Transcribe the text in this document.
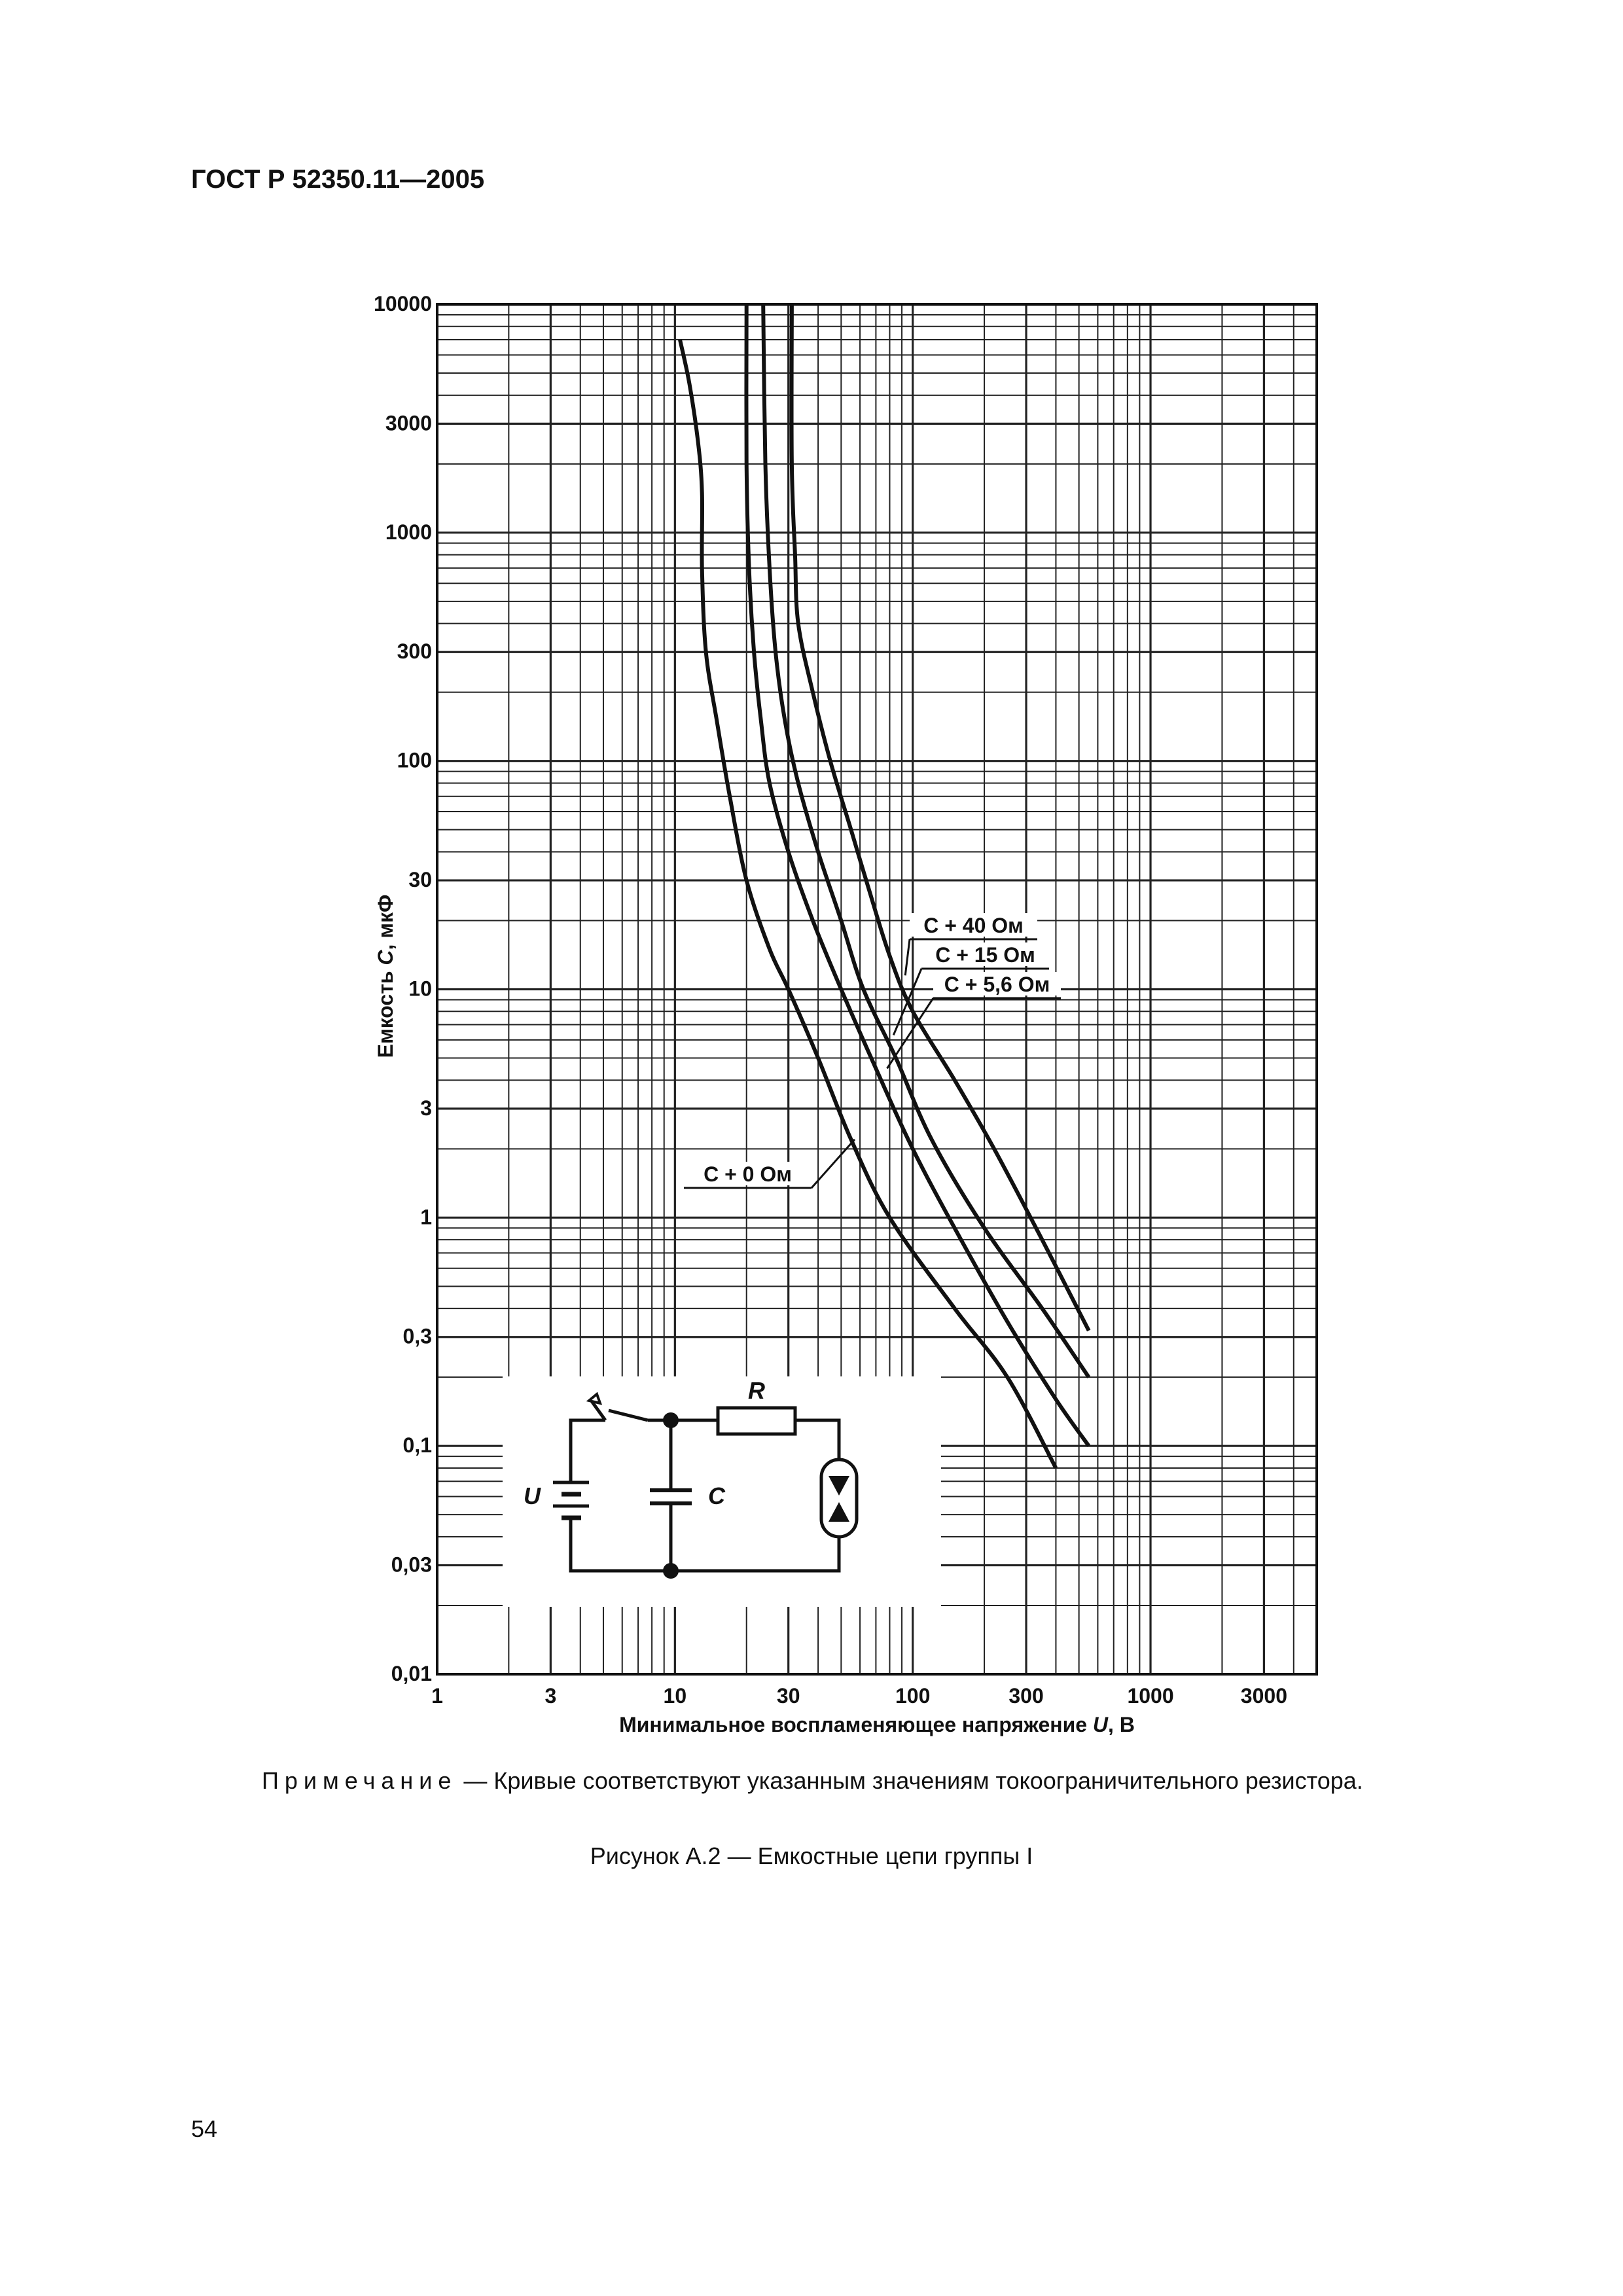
ГОСТ Р 52350.11—2005
R
C
U
C + 40 Ом
C + 15 Ом
C + 5,6 Ом
C + 0 Ом
10000
3000
1000
300
100
30
10
3
1
0,3
0,1
0,03
0,01
1	3	10	30	100	300	1000	3000
Минимальное воспламеняющее напряжение U, В
Емкость C, мкФ
Примечание — Кривые соответствуют указанным значениям токоограничительного резистора.
Рисунок А.2 — Емкостные цепи группы I
54
